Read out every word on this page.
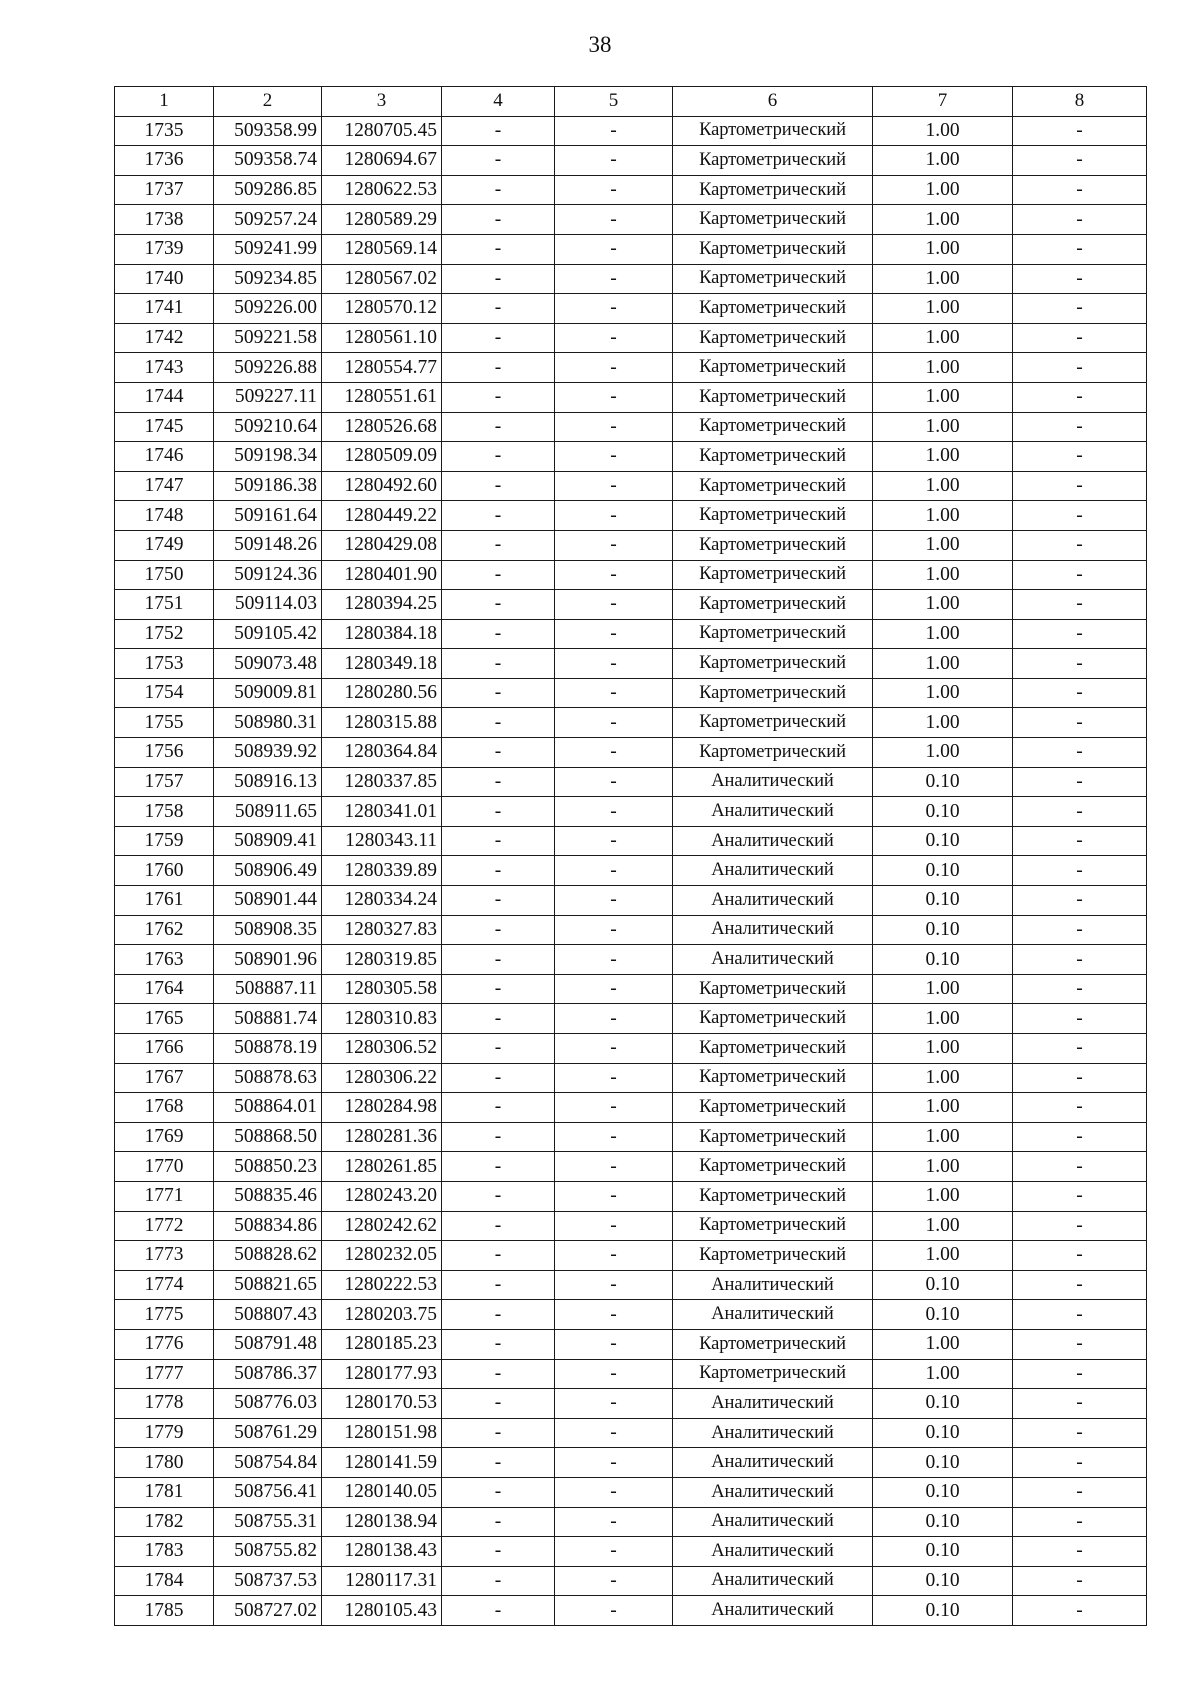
38
1	2	3	4	5	6	7	8
1735	509358.99	1280705.45	-	-	Картометрический	1.00	-
1736	509358.74	1280694.67	-	-	Картометрический	1.00	-
1737	509286.85	1280622.53	-	-	Картометрический	1.00	-
1738	509257.24	1280589.29	-	-	Картометрический	1.00	-
1739	509241.99	1280569.14	-	-	Картометрический	1.00	-
1740	509234.85	1280567.02	-	-	Картометрический	1.00	-
1741	509226.00	1280570.12	-	-	Картометрический	1.00	-
1742	509221.58	1280561.10	-	-	Картометрический	1.00	-
1743	509226.88	1280554.77	-	-	Картометрический	1.00	-
1744	509227.11	1280551.61	-	-	Картометрический	1.00	-
1745	509210.64	1280526.68	-	-	Картометрический	1.00	-
1746	509198.34	1280509.09	-	-	Картометрический	1.00	-
1747	509186.38	1280492.60	-	-	Картометрический	1.00	-
1748	509161.64	1280449.22	-	-	Картометрический	1.00	-
1749	509148.26	1280429.08	-	-	Картометрический	1.00	-
1750	509124.36	1280401.90	-	-	Картометрический	1.00	-
1751	509114.03	1280394.25	-	-	Картометрический	1.00	-
1752	509105.42	1280384.18	-	-	Картометрический	1.00	-
1753	509073.48	1280349.18	-	-	Картометрический	1.00	-
1754	509009.81	1280280.56	-	-	Картометрический	1.00	-
1755	508980.31	1280315.88	-	-	Картометрический	1.00	-
1756	508939.92	1280364.84	-	-	Картометрический	1.00	-
1757	508916.13	1280337.85	-	-	Аналитический	0.10	-
1758	508911.65	1280341.01	-	-	Аналитический	0.10	-
1759	508909.41	1280343.11	-	-	Аналитический	0.10	-
1760	508906.49	1280339.89	-	-	Аналитический	0.10	-
1761	508901.44	1280334.24	-	-	Аналитический	0.10	-
1762	508908.35	1280327.83	-	-	Аналитический	0.10	-
1763	508901.96	1280319.85	-	-	Аналитический	0.10	-
1764	508887.11	1280305.58	-	-	Картометрический	1.00	-
1765	508881.74	1280310.83	-	-	Картометрический	1.00	-
1766	508878.19	1280306.52	-	-	Картометрический	1.00	-
1767	508878.63	1280306.22	-	-	Картометрический	1.00	-
1768	508864.01	1280284.98	-	-	Картометрический	1.00	-
1769	508868.50	1280281.36	-	-	Картометрический	1.00	-
1770	508850.23	1280261.85	-	-	Картометрический	1.00	-
1771	508835.46	1280243.20	-	-	Картометрический	1.00	-
1772	508834.86	1280242.62	-	-	Картометрический	1.00	-
1773	508828.62	1280232.05	-	-	Картометрический	1.00	-
1774	508821.65	1280222.53	-	-	Аналитический	0.10	-
1775	508807.43	1280203.75	-	-	Аналитический	0.10	-
1776	508791.48	1280185.23	-	-	Картометрический	1.00	-
1777	508786.37	1280177.93	-	-	Картометрический	1.00	-
1778	508776.03	1280170.53	-	-	Аналитический	0.10	-
1779	508761.29	1280151.98	-	-	Аналитический	0.10	-
1780	508754.84	1280141.59	-	-	Аналитический	0.10	-
1781	508756.41	1280140.05	-	-	Аналитический	0.10	-
1782	508755.31	1280138.94	-	-	Аналитический	0.10	-
1783	508755.82	1280138.43	-	-	Аналитический	0.10	-
1784	508737.53	1280117.31	-	-	Аналитический	0.10	-
1785	508727.02	1280105.43	-	-	Аналитический	0.10	-
